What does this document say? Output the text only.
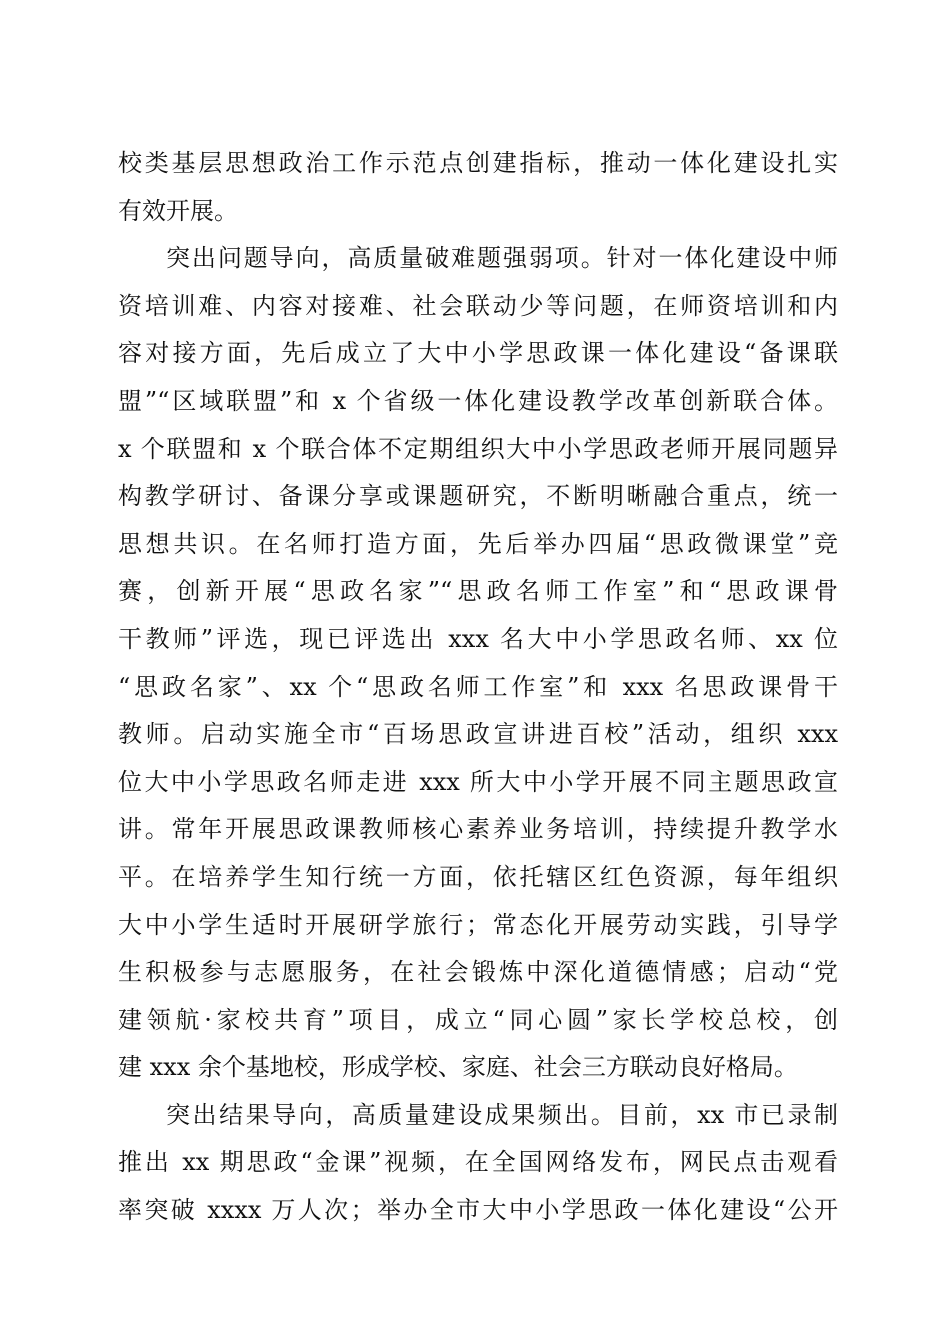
校类基层思想政治工作示范点创建指标，推动一体化建设扎实
有效开展。
突出问题导向，高质量破难题强弱项。针对一体化建设中师
资培训难、内容对接难、社会联动少等问题，在师资培训和内
容对接方面，先后成立了大中小学思政课一体化建设“备课联
盟”“区域联盟”和 x 个省级一体化建设教学改革创新联合体。
x 个联盟和 x 个联合体不定期组织大中小学思政老师开展同题异
构教学研讨、备课分享或课题研究，不断明晰融合重点，统一
思想共识。在名师打造方面，先后举办四届“思政微课堂”竞
赛，创新开展“思政名家”“思政名师工作室”和“思政课骨
干教师”评选，现已评选出 xxx 名大中小学思政名师、xx 位
“思政名家”、xx 个“思政名师工作室”和 xxx 名思政课骨干
教师。启动实施全市“百场思政宣讲进百校”活动，组织 xxx
位大中小学思政名师走进 xxx 所大中小学开展不同主题思政宣
讲。常年开展思政课教师核心素养业务培训，持续提升教学水
平。在培养学生知行统一方面，依托辖区红色资源，每年组织
大中小学生适时开展研学旅行；常态化开展劳动实践，引导学
生积极参与志愿服务，在社会锻炼中深化道德情感；启动“党
建领航·家校共育”项目，成立“同心圆”家长学校总校，创
建 xxx 余个基地校，形成学校、家庭、社会三方联动良好格局。
突出结果导向，高质量建设成果频出。目前，xx 市已录制
推出 xx 期思政“金课”视频，在全国网络发布，网民点击观看
率突破 xxxx 万人次；举办全市大中小学思政一体化建设“公开
